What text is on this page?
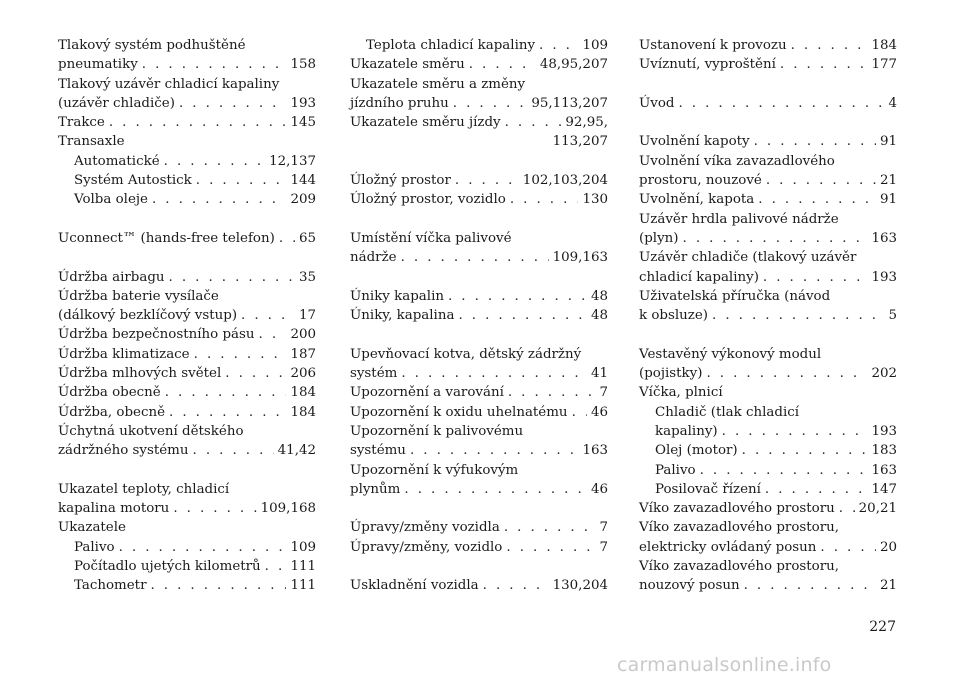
Tlakový systém podhuštěné
pneumatiky . . .	158
Tlakový uzávěr chladicí kapaliny
(uzávěr chladiče) . . .	193
Trakce . . .	145
Transaxle
Automatické . . .	12,137
Systém Autostick . . .	144
Volba oleje . . .	209
Uconnect™ (hands-free telefon) . . . 65
Údržba airbagu . . .	35
Údržba baterie vysílače
(dálkový bezklíčový vstup) . . .	17
Údržba bezpečnostního pásu . . .	200
Údržba klimatizace . . .	187
Údržba mlhových světel . . .	206
Údržba obecně . . .	184
Údržba, obecně . . .	184
Úchytná ukotvení dětského
zádržného systému . . .	41,42
Ukazatel teploty, chladicí
kapalina motoru . . .	109,168
Ukazatele
Palivo . . .	109
Počítadlo ujetých kilometrů . . . 111
Tachometr . . .	111
Teplota chladicí kapaliny . . .	109
Ukazatele směru . . .	48,95,207
Ukazatele směru a změny
jízdního pruhu . . .	95,113,207
Ukazatele směru jízdy . . .	92,95,
113,207
Úložný prostor . . .	102,103,204
Úložný prostor, vozidlo . . .	130
Umístění víčka palivové
nádrže . . .	109,163
Úniky kapalin . . .	48
Úniky, kapalina . . .	48
Upevňovací kotva, dětský zádržný
systém . . .	41
Upozornění a varování . . .	7
Upozornění k oxidu uhelnatému . . . 46
Upozornění k palivovému
systému . . .	163
Upozornění k výfukovým
plynům . . .	46
Úpravy/změny vozidla . . .	7
Úpravy/změny, vozidlo . . .	7
Uskladnění vozidla . . .	130,204
Ustanovení k provozu . . .	184
Uvíznutí, vyproštění . . .	177
Úvod . . .	4
Uvolnění kapoty . . .	91
Uvolnění víka zavazadlového
prostoru, nouzové . . .	21
Uvolnění, kapota . . .	91
Uzávěr hrdla palivové nádrže
(plyn) . . .	163
Uzávěr chladiče (tlakový uzávěr
chladicí kapaliny) . . .	193
Uživatelská příručka (návod
k obsluze) . . .	5
Vestavěný výkonový modul
(pojistky) . . .	202
Víčka, plnicí
Chladič (tlak chladicí
kapaliny) . . .	193
Olej (motor) . . .	183
Palivo . . .	163
Posilovač řízení . . .	147
Víko zavazadlového prostoru . . . 20,21
Víko zavazadlového prostoru,
elektricky ovládaný posun . . .	20
Víko zavazadlového prostoru,
nouzový posun . . .	21
227
carmanualsonline.info
